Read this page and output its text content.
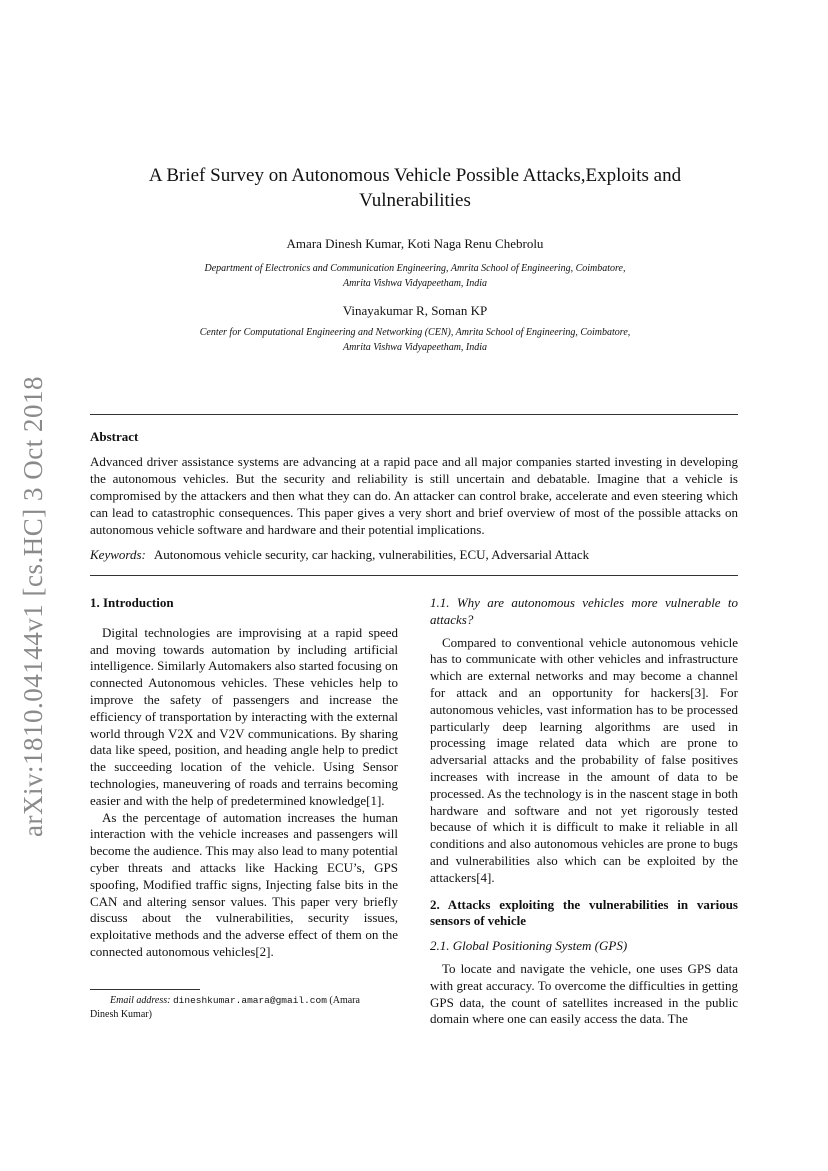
arXiv:1810.04144v1 [cs.HC] 3 Oct 2018
A Brief Survey on Autonomous Vehicle Possible Attacks,Exploits and
Vulnerabilities
Amara Dinesh Kumar, Koti Naga Renu Chebrolu
Department of Electronics and Communication Engineering, Amrita School of Engineering, Coimbatore,
Amrita Vishwa Vidyapeetham, India
Vinayakumar R, Soman KP
Center for Computational Engineering and Networking (CEN), Amrita School of Engineering, Coimbatore,
Amrita Vishwa Vidyapeetham, India
Abstract
Advanced driver assistance systems are advancing at a rapid pace and all major companies started investing in developing the autonomous vehicles. But the security and reliability is still uncertain and debatable. Imagine that a vehicle is compromised by the attackers and then what they can do. An attacker can control brake, accelerate and even steering which can lead to catastrophic consequences. This paper gives a very short and brief overview of most of the possible attacks on autonomous vehicle software and hardware and their potential implications.
Keywords: Autonomous vehicle security, car hacking, vulnerabilities, ECU, Adversarial Attack
1. Introduction

Digital technologies are improvising at a rapid speed and moving towards automation by including artificial intelligence. Similarly Automakers also started focusing on connected Autonomous vehicles. These vehicles help to improve the safety of passengers and increase the efficiency of transportation by interacting with the external world through V2X and V2V communications. By sharing data like speed, position, and heading angle help to predict the succeeding location of the vehicle. Using Sensor technologies, maneuvering of roads and terrains becoming easier and with the help of predetermined knowledge[1].

As the percentage of automation increases the human interaction with the vehicle increases and passengers will become the audience. This may also lead to many potential cyber threats and attacks like Hacking ECU’s, GPS spoofing, Modified traffic signs, Injecting false bits in the CAN and altering sensor values. This paper very briefly discuss about the vulnerabilities, security issues, exploitative methods and the adverse effect of them on the connected autonomous vehicles[2].

Email address: dineshkumar.amara@gmail.com (Amara Dinesh Kumar)
1.1. Why are autonomous vehicles more vulnerable to attacks?

Compared to conventional vehicle autonomous vehicle has to communicate with other vehicles and infrastructure which are external networks and may become a channel for attack and an opportunity for hackers[3]. For autonomous vehicles, vast information has to be processed particularly deep learning algorithms are used in processing image related data which are prone to adversarial attacks and the probability of false positives increases with increase in the amount of data to be processed. As the technology is in the nascent stage in both hardware and software and not yet rigorously tested because of which it is difficult to make it reliable in all conditions and also autonomous vehicles are prone to bugs and vulnerabilities also which can be exploited by the attackers[4].

2. Attacks exploiting the vulnerabilities in various sensors of vehicle
2.1. Global Positioning System (GPS)

To locate and navigate the vehicle, one uses GPS data with great accuracy. To overcome the difficulties in getting GPS data, the count of satellites increased in the public domain where one can easily access the data. The
